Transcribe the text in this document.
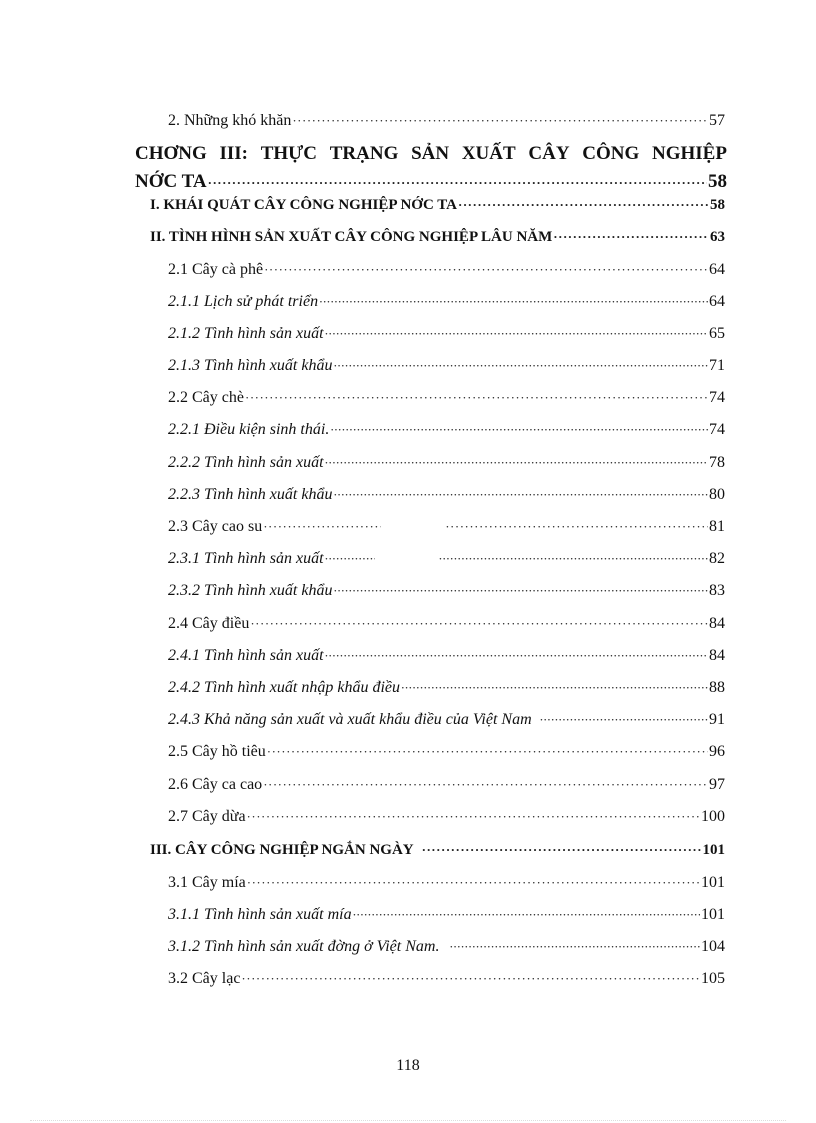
2. Những khó khăn ·····	57
CHƠNG III: THỰC TRẠNG SẢN XUẤT CÂY CÔNG NGHIỆP
NỚC TA ·····	58
I. KHÁI QUÁT CÂY CÔNG NGHIỆP NỚC TA ·····	58
II. TÌNH HÌNH SẢN XUẤT CÂY CÔNG NGHIỆP LÂU NĂM ·····	63
2.1 Cây cà phê ·····	64
2.1.1 Lịch sử phát triển ·····	64
2.1.2 Tình hình sản xuất ·····	65
2.1.3 Tình hình xuất khẩu ·····	71
2.2 Cây chè ·····	74
2.2.1 Điều kiện sinh thái. ·····	74
2.2.2 Tình hình sản xuất ·····	78
2.2.3 Tình hình xuất khẩu ·····	80
2.3 Cây cao su ····· ·····	81
2.3.1 Tình hình sản xuất ····· ·····	82
2.3.2 Tình hình xuất khẩu ·····	83
2.4 Cây điều ·····	84
2.4.1 Tình hình sản xuất ·····	84
2.4.2 Tình hình xuất nhập khẩu điều ·····	88
2.4.3 Khả năng sản xuất và xuất khẩu điều của Việt Nam ·····	91
2.5 Cây hồ tiêu ·····	96
2.6 Cây ca cao ·····	97
2.7 Cây dừa ·····	100
III. CÂY CÔNG NGHIỆP NGẮN NGÀY ·····	101
3.1 Cây mía ·····	101
3.1.1 Tình hình sản xuất mía ·····	101
3.1.2 Tình hình sản xuất đờng ở Việt Nam. ·····	104
3.2 Cây lạc ·····	105
118
